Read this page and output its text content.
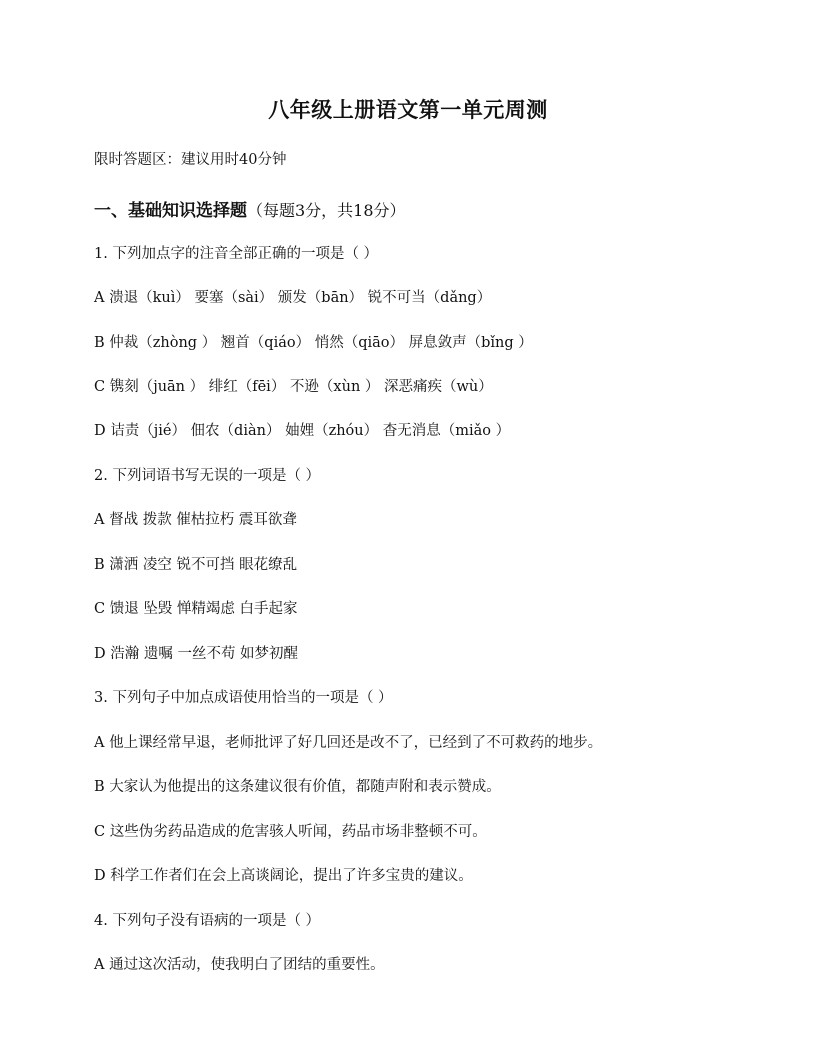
八年级上册语文第一单元周测
限时答题区：建议用时40分钟
一、基础知识选择题（每题3分，共18分）
1. 下列加点字的注音全部正确的一项是（ ）
A 溃退（kuì） 要塞（sài） 颁发（bān） 锐不可当（dǎng）
B 仲裁（zhòng ） 翘首（qiáo） 悄然（qiāo） 屏息敛声（bǐng ）
C 镌刻（juān ） 绯红（fēi） 不逊（xùn ） 深恶痛疾（wù）
D 诘责（jié） 佃农（diàn） 妯娌（zhóu） 杳无消息（miǎo ）
2. 下列词语书写无误的一项是（ ）
A 督战 拨款 催枯拉朽 震耳欲聋
B 潇洒 凌空 锐不可挡 眼花缭乱
C 馈退 坠毁 惮精竭虑 白手起家
D 浩瀚 遗嘱 一丝不苟 如梦初醒
3. 下列句子中加点成语使用恰当的一项是（ ）
A 他上课经常早退，老师批评了好几回还是改不了，已经到了不可救药的地步。
B 大家认为他提出的这条建议很有价值，都随声附和表示赞成。
C 这些伪劣药品造成的危害骇人听闻，药品市场非整顿不可。
D 科学工作者们在会上高谈阔论，提出了许多宝贵的建议。
4. 下列句子没有语病的一项是（ ）
A 通过这次活动，使我明白了团结的重要性。
